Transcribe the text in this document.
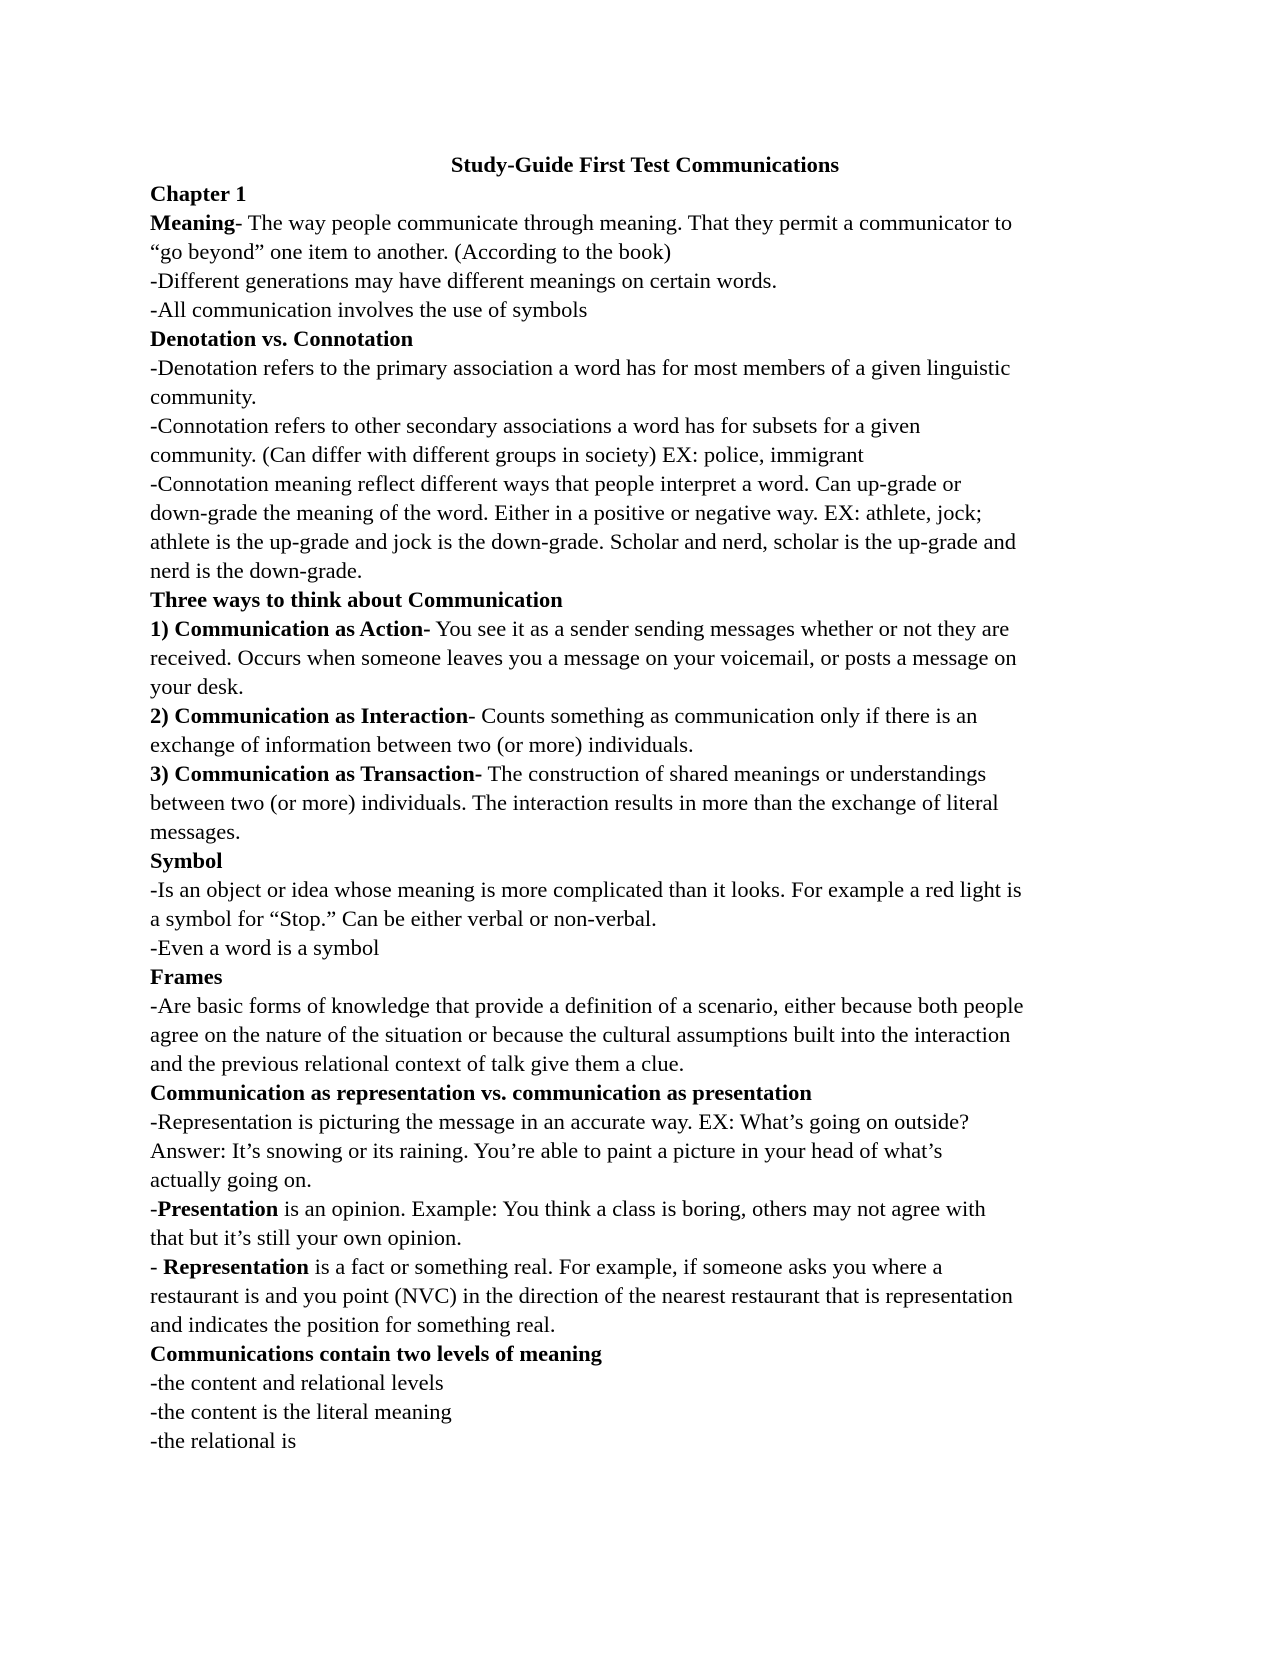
Study-Guide First Test Communications

Chapter 1

Meaning- The way people communicate through meaning. That they permit a communicator to

“go beyond” one item to another. (According to the book)

-Different generations may have different meanings on certain words.

-All communication involves the use of symbols

Denotation vs. Connotation

-Denotation refers to the primary association a word has for most members of a given linguistic

community.

-Connotation refers to other secondary associations a word has for subsets for a given

community. (Can differ with different groups in society) EX: police, immigrant

-Connotation meaning reflect different ways that people interpret a word. Can up-grade or

down-grade the meaning of the word. Either in a positive or negative way. EX: athlete, jock;

athlete is the up-grade and jock is the down-grade. Scholar and nerd, scholar is the up-grade and

nerd is the down-grade.

Three ways to think about Communication

1) Communication as Action- You see it as a sender sending messages whether or not they are

received. Occurs when someone leaves you a message on your voicemail, or posts a message on

your desk.

2) Communication as Interaction- Counts something as communication only if there is an

exchange of information between two (or more) individuals.

3) Communication as Transaction- The construction of shared meanings or understandings

between two (or more) individuals. The interaction results in more than the exchange of literal

messages.

Symbol

-Is an object or idea whose meaning is more complicated than it looks. For example a red light is

a symbol for “Stop.” Can be either verbal or non-verbal.

-Even a word is a symbol

Frames

-Are basic forms of knowledge that provide a definition of a scenario, either because both people

agree on the nature of the situation or because the cultural assumptions built into the interaction

and the previous relational context of talk give them a clue.

Communication as representation vs. communication as presentation

-Representation is picturing the message in an accurate way. EX: What’s going on outside?

Answer: It’s snowing or its raining. You’re able to paint a picture in your head of what’s

actually going on.

-Presentation is an opinion. Example: You think a class is boring, others may not agree with

that but it’s still your own opinion.

- Representation is a fact or something real. For example, if someone asks you where a

restaurant is and you point (NVC) in the direction of the nearest restaurant that is representation

and indicates the position for something real.

Communications contain two levels of meaning

-the content and relational levels

-the content is the literal meaning

-the relational is
